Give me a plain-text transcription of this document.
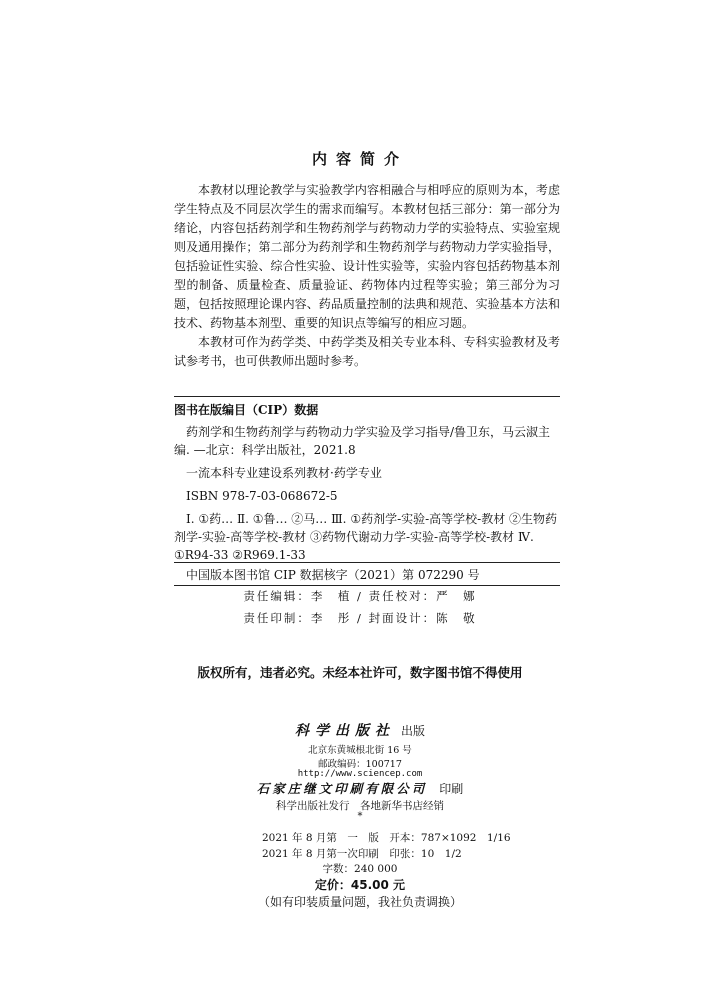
内容简介

本教材以理论教学与实验教学内容相融合与相呼应的原则为本，考虑学生特点及不同层次学生的需求而编写。本教材包括三部分：第一部分为绪论，内容包括药剂学和生物药剂学与药物动力学的实验特点、实验室规则及通用操作；第二部分为药剂学和生物药剂学与药物动力学实验指导，包括验证性实验、综合性实验、设计性实验等，实验内容包括药物基本剂型的制备、质量检查、质量验证、药物体内过程等实验；第三部分为习题，包括按照理论课内容、药品质量控制的法典和规范、实验基本方法和技术、药物基本剂型、重要的知识点等编写的相应习题。

本教材可作为药学类、中药学类及相关专业本科、专科实验教材及考试参考书，也可供教师出题时参考。

图书在版编目（CIP）数据

药剂学和生物药剂学与药物动力学实验及学习指导/鲁卫东，马云淑主编. —北京：科学出版社，2021.8

一流本科专业建设系列教材·药学专业

ISBN 978-7-03-068672-5

Ⅰ. ①药… Ⅱ. ①鲁… ②马… Ⅲ. ①药剂学-实验-高等学校-教材 ②生物药剂学-实验-高等学校-教材 ③药物代谢动力学-实验-高等学校-教材 Ⅳ. ①R94-33 ②R969.1-33

中国版本图书馆 CIP 数据核字（2021）第 072290 号
责任编辑：李　植 / 责任校对：严　娜
责任印制：李　彤 / 封面设计：陈　敬
版权所有，违者必究。未经本社许可，数字图书馆不得使用
科学出版社 出版
北京东黄城根北街 16 号
邮政编码：100717
http://www.sciencep.com
石家庄继文印刷有限公司 印刷
科学出版社发行　各地新华书店经销
*
2021 年 8 月第　一　版　开本：787×1092　1/16
2021 年 8 月第一次印刷　印张：10　1/2
字数：240 000
定价：45.00 元
（如有印装质量问题，我社负责调换）
